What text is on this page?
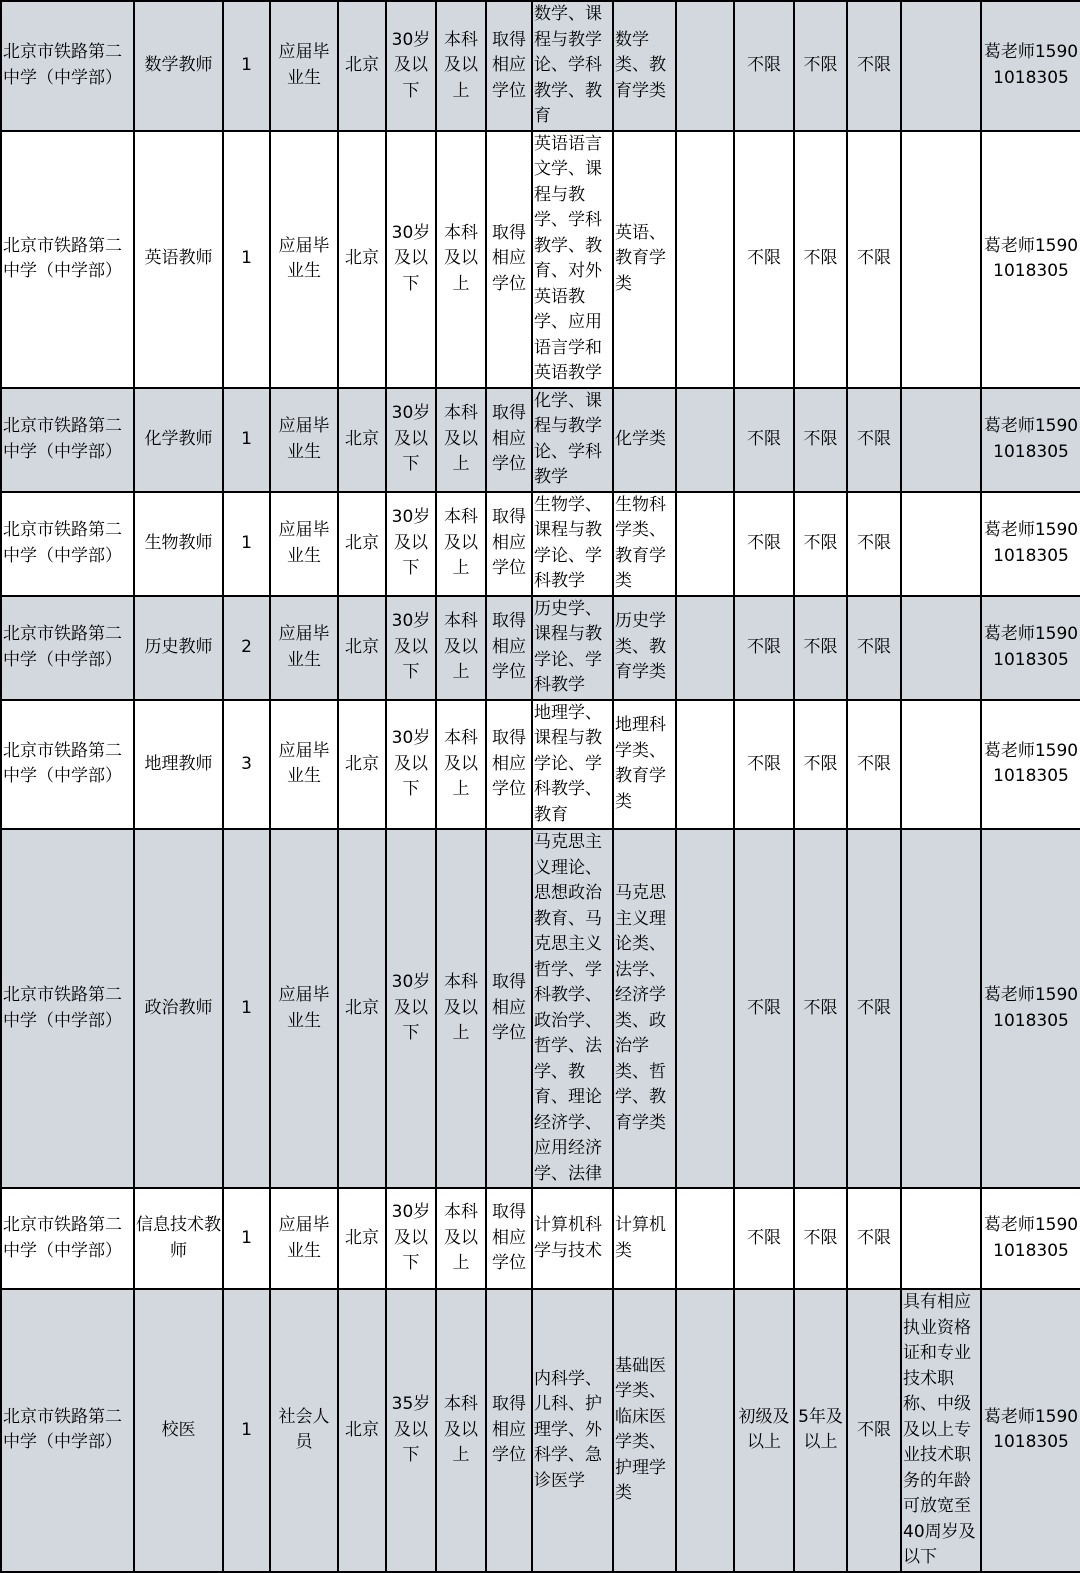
北京市铁路第二中学（中学部）	数学教师	1	应届毕业生	北京	30岁及以下	本科及以上	取得相应学位	数学、课程与教学论、学科教学、教育	数学类、教育学类		不限	不限	不限		葛老师15901018305
北京市铁路第二中学（中学部）	英语教师	1	应届毕业生	北京	30岁及以下	本科及以上	取得相应学位	英语语言文学、课程与教学、学科教学、教育、对外英语教学、应用语言学和英语教学	英语、教育学类		不限	不限	不限		葛老师15901018305
北京市铁路第二中学（中学部）	化学教师	1	应届毕业生	北京	30岁及以下	本科及以上	取得相应学位	化学、课程与教学论、学科教学	化学类		不限	不限	不限		葛老师15901018305
北京市铁路第二中学（中学部）	生物教师	1	应届毕业生	北京	30岁及以下	本科及以上	取得相应学位	生物学、课程与教学论、学科教学	生物科学类、教育学类		不限	不限	不限		葛老师15901018305
北京市铁路第二中学（中学部）	历史教师	2	应届毕业生	北京	30岁及以下	本科及以上	取得相应学位	历史学、课程与教学论、学科教学	历史学类、教育学类		不限	不限	不限		葛老师15901018305
北京市铁路第二中学（中学部）	地理教师	3	应届毕业生	北京	30岁及以下	本科及以上	取得相应学位	地理学、课程与教学论、学科教学、教育	地理科学类、教育学类		不限	不限	不限		葛老师15901018305
北京市铁路第二中学（中学部）	政治教师	1	应届毕业生	北京	30岁及以下	本科及以上	取得相应学位	马克思主义理论、思想政治教育、马克思主义哲学、学科教学、政治学、哲学、法学、教育、理论经济学、应用经济学、法律	马克思主义理论类、法学、经济学类、政治学类、哲学、教育学类		不限	不限	不限		葛老师15901018305
北京市铁路第二中学（中学部）	信息技术教师	1	应届毕业生	北京	30岁及以下	本科及以上	取得相应学位	计算机科学与技术	计算机类		不限	不限	不限		葛老师15901018305
北京市铁路第二中学（中学部）	校医	1	社会人员	北京	35岁及以下	本科及以上	取得相应学位	内科学、儿科、护理学、外科学、急诊医学	基础医学类、临床医学类、护理学类		初级及以上	5年及以上	不限	具有相应执业资格证和专业技术职称、中级及以上专业技术职务的年龄可放宽至40周岁及以下	葛老师15901018305
